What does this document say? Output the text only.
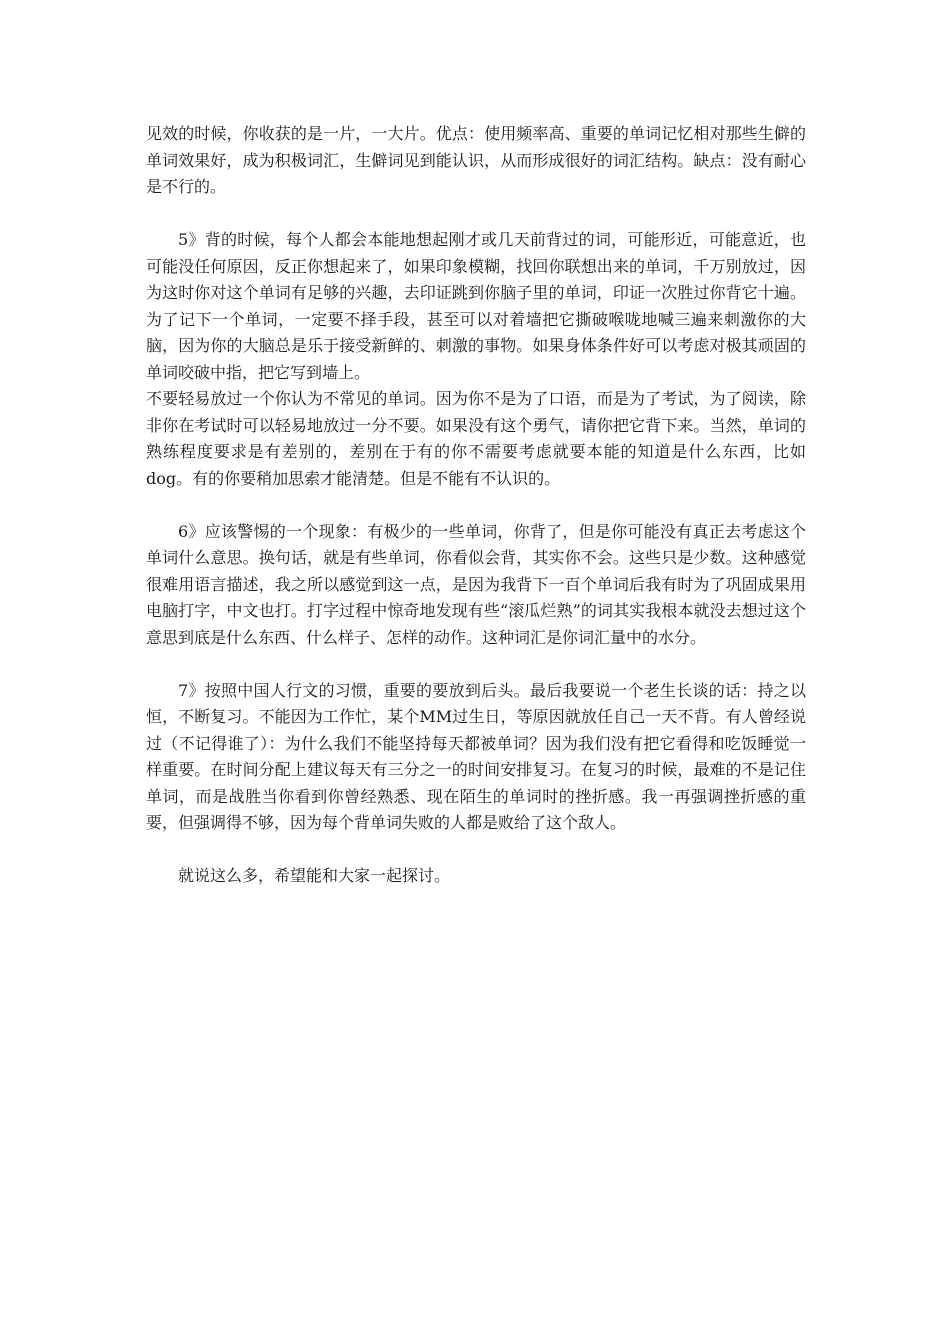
见效的时候，你收获的是一片，一大片。优点：使用频率高、重要的单词记忆相对那些生僻的单词效果好，成为积极词汇，生僻词见到能认识，从而形成很好的词汇结构。缺点：没有耐心是不行的。

5》背的时候，每个人都会本能地想起刚才或几天前背过的词，可能形近，可能意近，也可能没任何原因，反正你想起来了，如果印象模糊，找回你联想出来的单词，千万别放过，因为这时你对这个单词有足够的兴趣，去印证跳到你脑子里的单词，印证一次胜过你背它十遍。为了记下一个单词，一定要不择手段，甚至可以对着墙把它撕破喉咙地喊三遍来刺激你的大脑，因为你的大脑总是乐于接受新鲜的、刺激的事物。如果身体条件好可以考虑对极其顽固的单词咬破中指，把它写到墙上。

不要轻易放过一个你认为不常见的单词。因为你不是为了口语，而是为了考试，为了阅读，除非你在考试时可以轻易地放过一分不要。如果没有这个勇气，请你把它背下来。当然，单词的熟练程度要求是有差别的，差别在于有的你不需要考虑就要本能的知道是什么东西，比如dog。有的你要稍加思索才能清楚。但是不能有不认识的。

6》应该警惕的一个现象：有极少的一些单词，你背了，但是你可能没有真正去考虑这个单词什么意思。换句话，就是有些单词，你看似会背，其实你不会。这些只是少数。这种感觉很难用语言描述，我之所以感觉到这一点，是因为我背下一百个单词后我有时为了巩固成果用电脑打字，中文也打。打字过程中惊奇地发现有些“滚瓜烂熟”的词其实我根本就没去想过这个意思到底是什么东西、什么样子、怎样的动作。这种词汇是你词汇量中的水分。

7》按照中国人行文的习惯，重要的要放到后头。最后我要说一个老生长谈的话：持之以恒，不断复习。不能因为工作忙，某个MM过生日，等原因就放任自己一天不背。有人曾经说过（不记得谁了）：为什么我们不能坚持每天都被单词？因为我们没有把它看得和吃饭睡觉一样重要。在时间分配上建议每天有三分之一的时间安排复习。在复习的时候，最难的不是记住单词，而是战胜当你看到你曾经熟悉、现在陌生的单词时的挫折感。我一再强调挫折感的重要，但强调得不够，因为每个背单词失败的人都是败给了这个敌人。

就说这么多，希望能和大家一起探讨。
